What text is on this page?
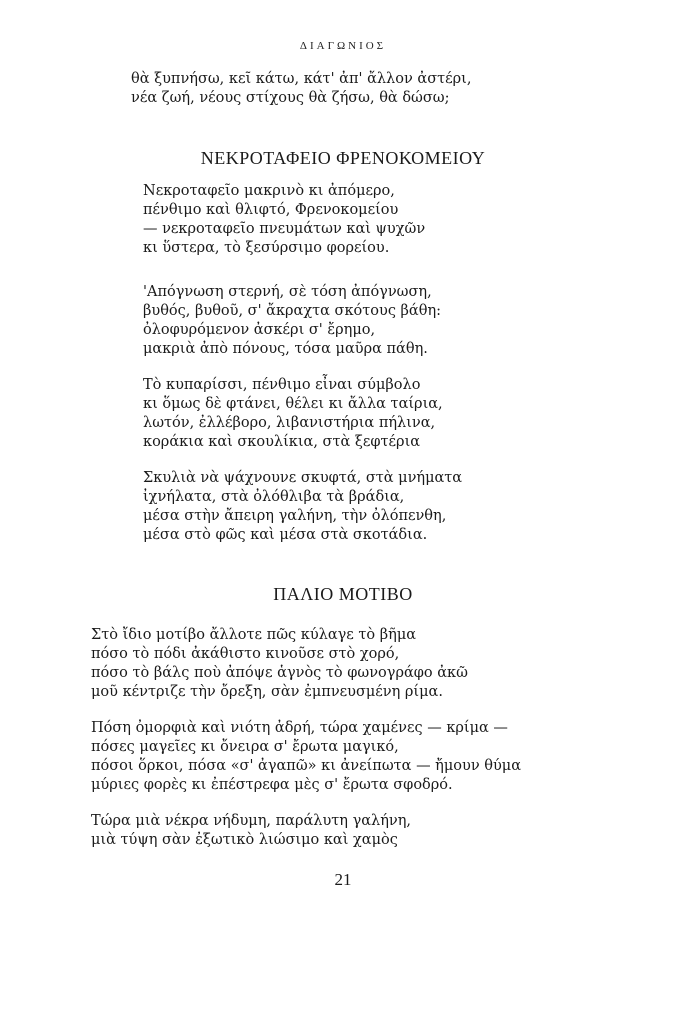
ΔΙΑΓΩΝΙΟΣ
θὰ ξυπνήσω, κεῖ κάτω, κάτ' ἀπ' ἄλλον ἀστέρι,
νέα ζωή, νέους στίχους θὰ ζήσω, θὰ δώσω;
ΝΕΚΡΟΤΑΦΕΙΟ ΦΡΕΝΟΚΟΜΕΙΟΥ
Νεκροταφεῖο μακρινὸ κι ἀπόμερο,
πένθιμο καὶ θλιφτό, Φρενοκομείου
— νεκροταφεῖο πνευμάτων καὶ ψυχῶν
κι ὕστερα, τὸ ξεσύρσιμο φορείου.
'Απόγνωση στερνή, σὲ τόση ἀπόγνωση,
βυθός, βυθοῦ, σ' ἄκραχτα σκότους βάθη:
ὀλοφυρόμενον ἀσκέρι σ' ἔρημο,
μακριὰ ἀπὸ πόνους, τόσα μαῦρα πάθη.
Τὸ κυπαρίσσι, πένθιμο εἶναι σύμβολο
κι ὅμως δὲ φτάνει, θέλει κι ἄλλα ταίρια,
λωτόν, ἐλλέβορο, λιβανιστήρια πήλινα,
κοράκια καὶ σκουλίκια, στὰ ξεφτέρια
Σκυλιὰ νὰ ψάχνουνε σκυφτά, στὰ μνήματα
ἰχνήλατα, στὰ ὀλόθλιβα τὰ βράδια,
μέσα στὴν ἄπειρη γαλήνη, τὴν ὀλόπενθη,
μέσα στὸ φῶς καὶ μέσα στὰ σκοτάδια.
ΠΑΛΙΟ ΜΟΤΙΒΟ
Στὸ ἴδιο μοτίβο ἄλλοτε πῶς κύλαγε τὸ βῆμα
πόσο τὸ πόδι ἀκάθιστο κινοῦσε στὸ χορό,
πόσο τὸ βάλς ποὺ ἀπόψε ἁγνὸς τὸ φωνογράφο ἀκῶ
μοῦ κέντριζε τὴν ὄρεξη, σὰν ἐμπνευσμένη ρίμα.
Πόση ὀμορφιὰ καὶ νιότη ἀδρή, τώρα χαμένες — κρίμα —
πόσες μαγεῖες κι ὄνειρα σ' ἔρωτα μαγικό,
πόσοι ὅρκοι, πόσα «σ' ἀγαπῶ» κι ἀνείπωτα — ἤμουν θύμα
μύριες φορὲς κι ἐπέστρεφα μὲς σ' ἔρωτα σφοδρό.
Τώρα μιὰ νέκρα νήδυμη, παράλυτη γαλήνη,
μιὰ τύψη σὰν ἐξωτικὸ λιώσιμο καὶ χαμὸς
21
